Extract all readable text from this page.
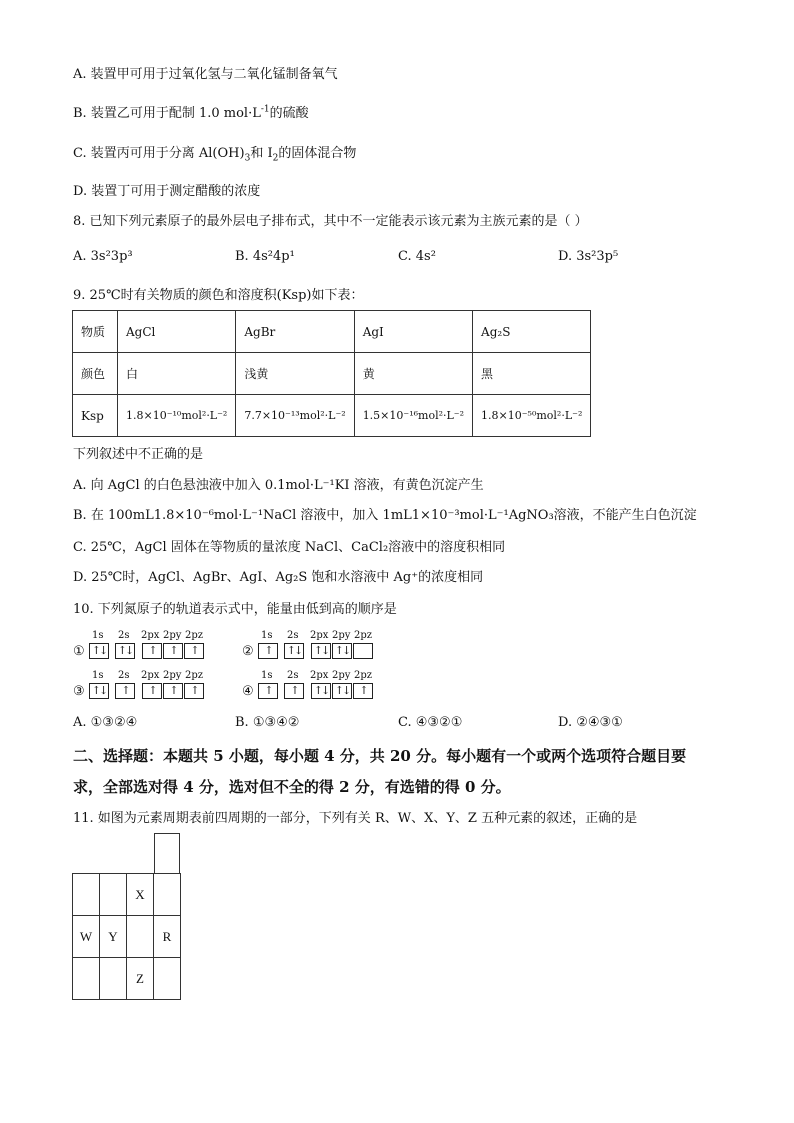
A. 装置甲可用于过氧化氢与二氧化锰制备氧气
B. 装置乙可用于配制 1.0 $mol\cdot L^{-1}$的硫酸
C. 装置丙可用于分离 $Al(OH)_3$和 $I_2$的固体混合物
D. 装置丁可用于测定醋酸的浓度
8. 已知下列元素原子的最外层电子排布式，其中不一定能表示该元素为主族元素的是（ ）
A. 3s²3p³	B. 4s²4p¹	C. 4s²	D. 3s²3p⁵
9. 25℃时有关物质的颜色和溶度积(Ksp)如下表：
物质	AgCl	AgBr	AgI	Ag₂S
颜色	白	浅黄	黄	黑
Ksp	1.8×10⁻¹⁰mol²·L⁻²	7.7×10⁻¹³mol²·L⁻²	1.5×10⁻¹⁶mol²·L⁻²	1.8×10⁻⁵⁰mol²·L⁻²
下列叙述中不正确的是
A. 向 AgCl 的白色悬浊液中加入 0.1mol·L⁻¹KI 溶液，有黄色沉淀产生
B. 在 100mL1.8×10⁻⁶mol·L⁻¹NaCl 溶液中，加入 1mL1×10⁻³mol·L⁻¹AgNO₃溶液，不能产生白色沉淀
C. 25℃，AgCl 固体在等物质的量浓度 NaCl、CaCl₂溶液中的溶度积相同
D. 25℃时，AgCl、AgBr、AgI、Ag₂S 饱和水溶液中 Ag⁺的浓度相同
10. 下列氮原子的轨道表示式中，能量由低到高的顺序是
①
1s 2s 2px 2py 2pz
↑↓ ↑↓	↑	↑	↑	②
1s 2s 2px 2py 2pz
↑	↑↓ ↑↓ ↑↓
③
1s 2s 2px 2py 2pz
↑↓	↑	↑	↑	↑	④
1s 2s 2px 2py 2pz
↑	↑	↑↓ ↑↓ ↑
A. ①③②④	B. ①③④②	C. ④③②①	D. ②④③①
二、选择题：本题共 5 小题，每小题 4 分，共 20 分。每小题有一个或两个选项符合题目要
求，全部选对得 4 分，选对但不全的得 2 分，有选错的得 0 分。
11. 如图为元素周期表前四周期的一部分，下列有关 R、W、X、Y、Z 五种元素的叙述，正确的是
		X	
W	Y		R
		Z	
